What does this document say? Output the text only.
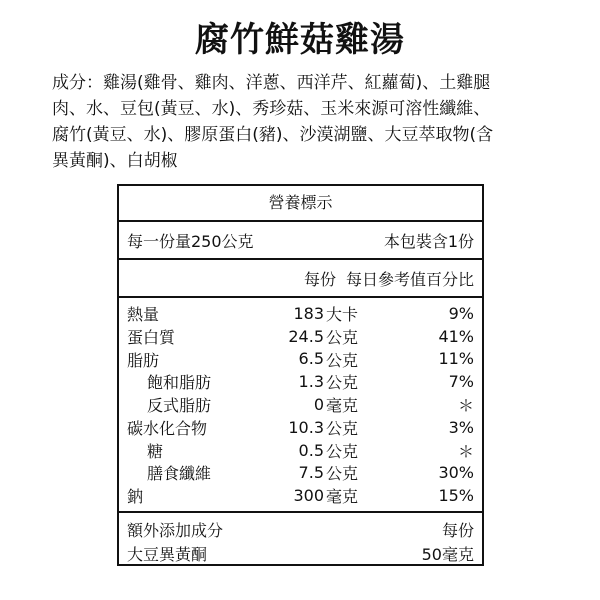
腐竹鮮菇雞湯
成分：雞湯(雞骨、雞肉、洋蔥、西洋芹、紅蘿蔔)、土雞腿
肉、水、豆包(黃豆、水)、秀珍菇、玉米來源可溶性纖維、
腐竹(黃豆、水)、膠原蛋白(豬)、沙漠湖鹽、大豆萃取物(含
異黃酮)、白胡椒
營養標示
每一份量250公克	本包裝含1份
每份 每日參考值百分比
熱量	183 大卡	9%
蛋白質	24.5 公克	41%
脂肪	6.5 公克	11%
飽和脂肪	1.3 公克	7%
反式脂肪	0 毫克	＊
碳水化合物	10.3 公克	3%
糖	0.5 公克	＊
膳食纖維	7.5 公克	30%
鈉	300 毫克	15%
額外添加成分	每份
大豆異黃酮	50毫克
